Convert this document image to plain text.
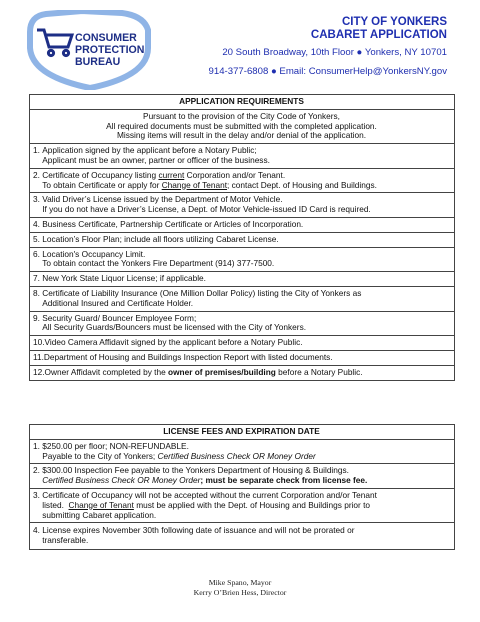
CONSUMER
PROTECTION
BUREAU
CITY OF YONKERS
CABARET APPLICATION
20 South Broadway, 10th Floor ● Yonkers, NY 10701
914-377-6808 ● Email: ConsumerHelp@YonkersNY.gov
APPLICATION REQUIREMENTS

Pursuant to the provision of the City Code of Yonkers,
All required documents must be submitted with the completed application.
Missing items will result in the delay and/or denial of the application.

1.
Application signed by the applicant before a Notary Public;
Applicant must be an owner, partner or officer of the business.

2.
Certificate of Occupancy listing current Corporation and/or Tenant.
To obtain Certificate or apply for Change of Tenant; contact Dept. of Housing and Buildings.

3.
Valid Driver’s License issued by the Department of Motor Vehicle.
If you do not have a Driver’s License, a Dept. of Motor Vehicle-issued ID Card is required.

4.
Business Certificate, Partnership Certificate or Articles of Incorporation.

5.
Location’s Floor Plan; include all floors utilizing Cabaret License.

6.
Location's Occupancy Limit.
To obtain contact the Yonkers Fire Department (914) 377-7500.

7.
New York State Liquor License; if applicable.

8.
Certificate of Liability Insurance (One Million Dollar Policy) listing the City of Yonkers as
Additional Insured and Certificate Holder.

9.
Security Guard/ Bouncer Employee Form;
All Security Guards/Bouncers must be licensed with the City of Yonkers.

10. Video Camera Affidavit signed by the applicant before a Notary Public.

11. Department of Housing and Buildings Inspection Report with listed documents.

12. Owner Affidavit completed by the owner of premises/building before a Notary Public.
LICENSE FEES AND EXPIRATION DATE

1.
$250.00 per floor; NON-REFUNDABLE.
Payable to the City of Yonkers; Certified Business Check OR Money Order

2.
$300.00 Inspection Fee payable to the Yonkers Department of Housing & Buildings.
Certified Business Check OR Money Order; must be separate check from license fee.

3.
Certificate of Occupancy will not be accepted without the current Corporation and/or Tenant
listed.  Change of Tenant must be applied with the Dept. of Housing and Buildings prior to
submitting Cabaret application.

4.
License expires November 30th following date of issuance and will not be prorated or
transferable.
Mike Spano, Mayor
Kerry O’Brien Hess, Director
